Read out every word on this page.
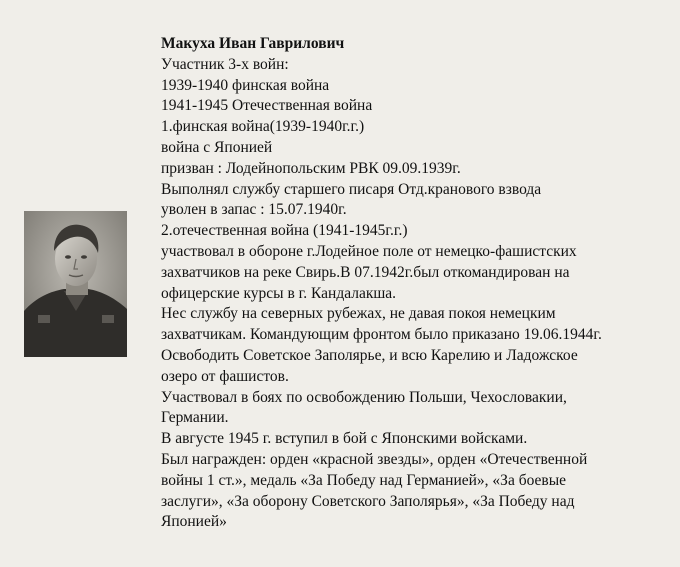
Макуха Иван Гаврилович
Участник 3-х войн:
1939-1940 финская война
1941-1945 Отечественная война
1.финская война(1939-1940г.г.)
война с Японией
призван : Лодейнопольским РВК 09.09.1939г.
Выполнял службу старшего писаря Отд.кранового взвода
уволен в запас : 15.07.1940г.
2.отечественная война (1941-1945г.г.)
участвовал в обороне г.Лодейное поле от немецко-фашистских
захватчиков на реке Свирь.В 07.1942г.был откомандирован на
офицерские курсы в г. Кандалакша.
Нес службу на северных рубежах, не давая покоя немецким
захватчикам. Командующим фронтом было приказано 19.06.1944г.
Освободить Советское Заполярье, и всю Карелию и Ладожское
озеро от фашистов.
Участвовал в боях по освобождению Польши, Чехословакии,
Германии.
В августе 1945 г. вступил в бой с Японскими войсками.
Был награжден: орден «красной звезды», орден «Отечественной
войны 1 ст.», медаль «За Победу над Германией», «За боевые
заслуги», «За оборону Советского Заполярья», «За Победу над
Японией»
